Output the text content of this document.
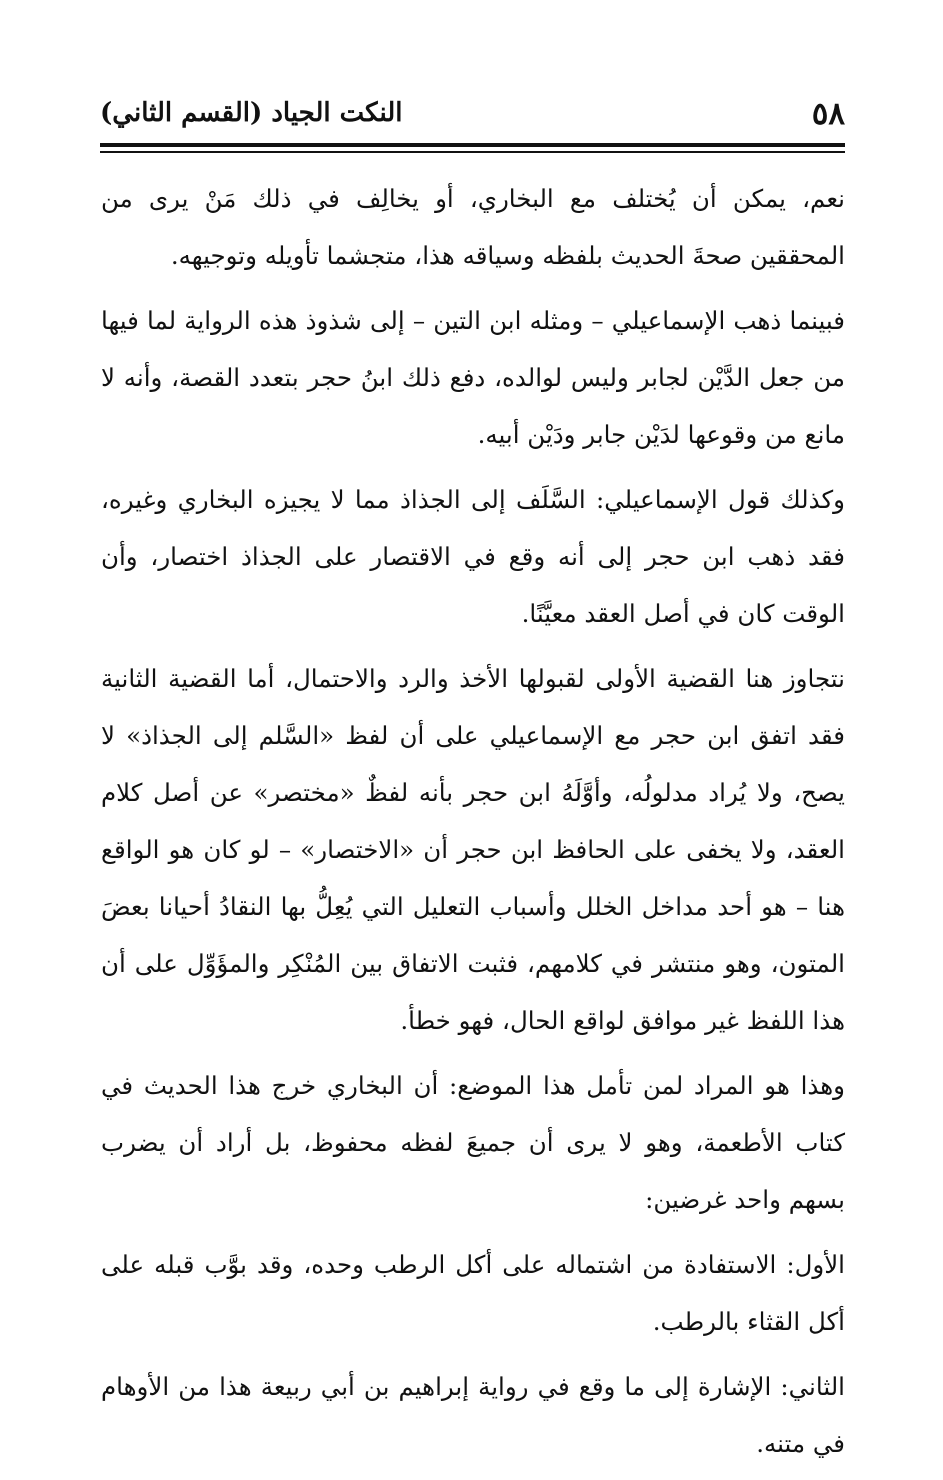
٥٨
النكت الجياد (القسم الثاني)

نعم، يمكن أن يُختلف مع البخاري، أو يخالِف في ذلك مَنْ يرى من المحققين صحةَ الحديث بلفظه وسياقه هذا، متجشما تأويله وتوجيهه.

فبينما ذهب الإسماعيلي – ومثله ابن التين – إلى شذوذ هذه الرواية لما فيها من جعل الدَّيْن لجابر وليس لوالده، دفع ذلك ابنُ حجر بتعدد القصة، وأنه لا مانع من وقوعها لدَيْن جابر ودَيْن أبيه.

وكذلك قول الإسماعيلي: السَّلَف إلى الجذاذ مما لا يجيزه البخاري وغيره، فقد ذهب ابن حجر إلى أنه وقع في الاقتصار على الجذاذ اختصار، وأن الوقت كان في أصل العقد معيَّنًا.

نتجاوز هنا القضية الأولى لقبولها الأخذ والرد والاحتمال، أما القضية الثانية فقد اتفق ابن حجر مع الإسماعيلي على أن لفظ «السَّلم إلى الجذاذ» لا يصح، ولا يُراد مدلولُه، وأوَّلَهُ ابن حجر بأنه لفظٌ «مختصر» عن أصل كلام العقد، ولا يخفى على الحافظ ابن حجر أن «الاختصار» – لو كان هو الواقع هنا – هو أحد مداخل الخلل وأسباب التعليل التي يُعِلُّ بها النقادُ أحيانا بعضَ المتون، وهو منتشر في كلامهم، فثبت الاتفاق بين المُنْكِر والمؤَوِّل على أن هذا اللفظ غير موافق لواقع الحال، فهو خطأ.

وهذا هو المراد لمن تأمل هذا الموضع: أن البخاري خرج هذا الحديث في كتاب الأطعمة، وهو لا يرى أن جميعَ لفظه محفوظ، بل أراد أن يضرب بسهم واحد غرضين:

الأول: الاستفادة من اشتماله على أكل الرطب وحده، وقد بوَّب قبله على أكل القثاء بالرطب.

الثاني: الإشارة إلى ما وقع في رواية إبراهيم بن أبي ربيعة هذا من الأوهام في متنه.
